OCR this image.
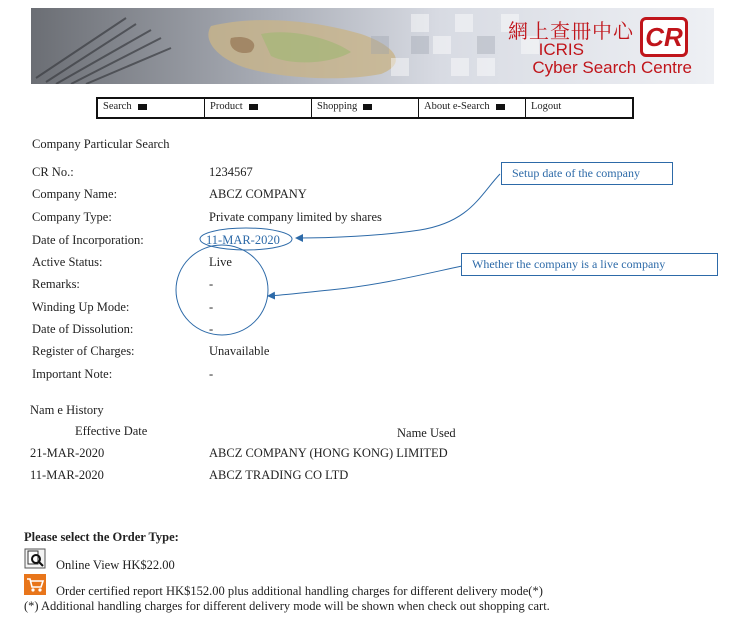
網上查冊中心 CR
ICRIS
Cyber Search Centre
Search	Product	Shopping	About e-Search	Logout
Company Particular Search
CR No.:	1234567
Company Name:	ABCZ COMPANY
Company Type:	Private company limited by shares
Date of Incorporation:	11-MAR-2020
Active Status:	Live
Remarks:	-
Winding Up Mode:	-
Date of Dissolution:	-
Register of Charges:	Unavailable
Important Note:	-
Setup date of the company
Whether the company is a live company
Nam e History
Effective Date	Name Used
21-MAR-2020	ABCZ COMPANY (HONG KONG) LIMITED
11-MAR-2020	ABCZ TRADING CO LTD
Please select the Order Type:
Online View HK$22.00
Order certified report HK$152.00 plus additional handling charges for different delivery mode(*)
(*) Additional handling charges for different delivery mode will be shown when check out shopping cart.
